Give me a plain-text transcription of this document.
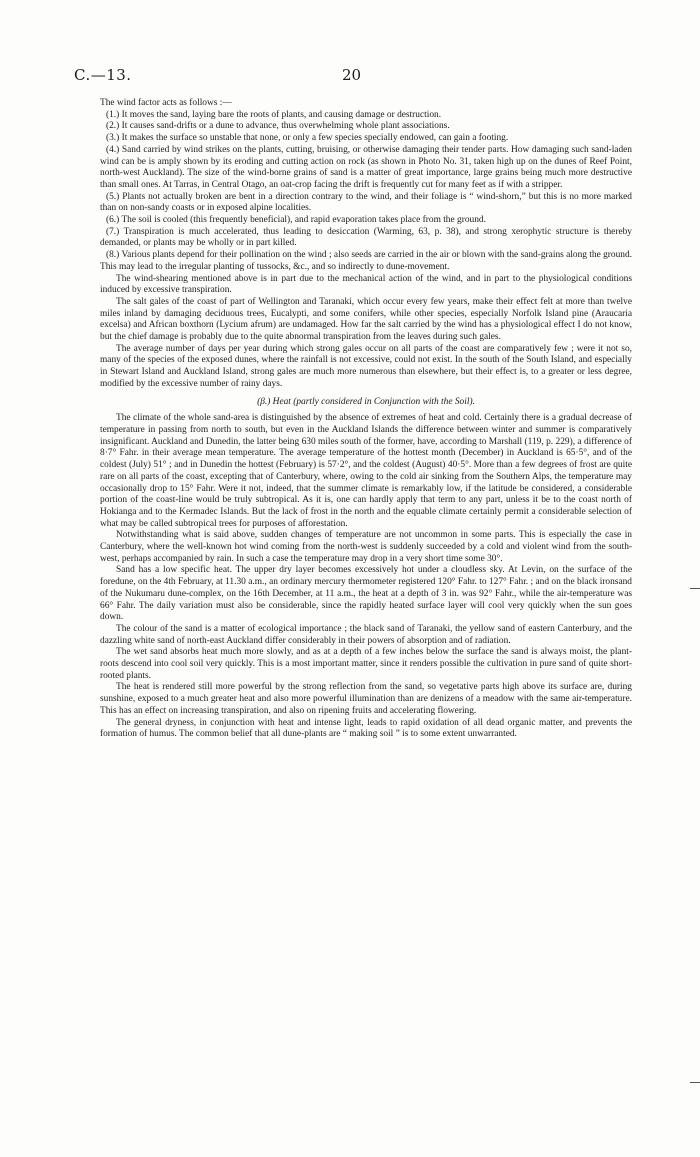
C.—13.	20

The wind factor acts as follows :—

(1.) It moves the sand, laying bare the roots of plants, and causing damage or destruction.

(2.) It causes sand-drifts or a dune to advance, thus overwhelming whole plant associations.

(3.) It makes the surface so unstable that none, or only a few species specially endowed, can gain a footing.

(4.) Sand carried by wind strikes on the plants, cutting, bruising, or otherwise damaging their tender parts. How damaging such sand-laden wind can be is amply shown by its eroding and cutting action on rock (as shown in Photo No. 31, taken high up on the dunes of Reef Point, north-west Auckland). The size of the wind-borne grains of sand is a matter of great importance, large grains being much more destructive than small ones. At Tarras, in Central Otago, an oat-crop facing the drift is frequently cut for many feet as if with a stripper.

(5.) Plants not actually broken are bent in a direction contrary to the wind, and their foliage is “ wind-shorn,” but this is no more marked than on non-sandy coasts or in exposed alpine localities.

(6.) The soil is cooled (this frequently beneficial), and rapid evaporation takes place from the ground.

(7.) Transpiration is much accelerated, thus leading to desiccation (Warming, 63, p. 38), and strong xerophytic structure is thereby demanded, or plants may be wholly or in part killed.

(8.) Various plants depend for their pollination on the wind ; also seeds are carried in the air or blown with the sand-grains along the ground. This may lead to the irregular planting of tussocks, &c., and so indirectly to dune-movement.

The wind-shearing mentioned above is in part due to the mechanical action of the wind, and in part to the physiological conditions induced by excessive transpiration.

The salt gales of the coast of part of Wellington and Taranaki, which occur every few years, make their effect felt at more than twelve miles inland by damaging deciduous trees, Eucalypti, and some conifers, while other species, especially Norfolk Island pine (Araucaria excelsa) and African boxthorn (Lycium afrum) are undamaged. How far the salt carried by the wind has a physiological effect I do not know, but the chief damage is probably due to the quite abnormal transpiration from the leaves during such gales.

The average number of days per year during which strong gales occur on all parts of the coast are comparatively few ; were it not so, many of the species of the exposed dunes, where the rainfall is not excessive, could not exist. In the south of the South Island, and especially in Stewart Island and Auckland Island, strong gales are much more numerous than elsewhere, but their effect is, to a greater or less degree, modified by the excessive number of rainy days.

(β.) Heat (partly considered in Conjunction with the Soil).

The climate of the whole sand-area is distinguished by the absence of extremes of heat and cold. Certainly there is a gradual decrease of temperature in passing from north to south, but even in the Auckland Islands the difference between winter and summer is comparatively insignificant. Auckland and Dunedin, the latter being 630 miles south of the former, have, according to Marshall (119, p. 229), a difference of 8·7° Fahr. in their average mean temperature. The average temperature of the hottest month (December) in Auckland is 65·5°, and of the coldest (July) 51° ; and in Dunedin the hottest (February) is 57·2°, and the coldest (August) 40·5°. More than a few degrees of frost are quite rare on all parts of the coast, excepting that of Canterbury, where, owing to the cold air sinking from the Southern Alps, the temperature may occasionally drop to 15° Fahr. Were it not, indeed, that the summer climate is remarkably low, if the latitude be considered, a considerable portion of the coast-line would be truly subtropical. As it is, one can hardly apply that term to any part, unless it be to the coast north of Hokianga and to the Kermadec Islands. But the lack of frost in the north and the equable climate certainly permit a considerable selection of what may be called subtropical trees for purposes of afforestation.

Notwithstanding what is said above, sudden changes of temperature are not uncommon in some parts. This is especially the case in Canterbury, where the well-known hot wind coming from the north-west is suddenly succeeded by a cold and violent wind from the south-west, perhaps accompanied by rain. In such a case the temperature may drop in a very short time some 30°.

Sand has a low specific heat. The upper dry layer becomes excessively hot under a cloudless sky. At Levin, on the surface of the foredune, on the 4th February, at 11.30 a.m., an ordinary mercury thermometer registered 120° Fahr. to 127° Fahr. ; and on the black ironsand of the Nukumaru dune-complex, on the 16th December, at 11 a.m., the heat at a depth of 3 in. was 92° Fahr., while the air-temperature was 66° Fahr. The daily variation must also be considerable, since the rapidly heated surface layer will cool very quickly when the sun goes down.

The colour of the sand is a matter of ecological importance ; the black sand of Taranaki, the yellow sand of eastern Canterbury, and the dazzling white sand of north-east Auckland differ considerably in their powers of absorption and of radiation.

The wet sand absorbs heat much more slowly, and as at a depth of a few inches below the surface the sand is always moist, the plant-roots descend into cool soil very quickly. This is a most important matter, since it renders possible the cultivation in pure sand of quite short-rooted plants.

The heat is rendered still more powerful by the strong reflection from the sand, so vegetative parts high above its surface are, during sunshine, exposed to a much greater heat and also more powerful illumination than are denizens of a meadow with the same air-temperature. This has an effect on increasing transpiration, and also on ripening fruits and accelerating flowering.

The general dryness, in conjunction with heat and intense light, leads to rapid oxidation of all dead organic matter, and prevents the formation of humus. The common belief that all dune-plants are “ making soil ” is to some extent unwarranted.
